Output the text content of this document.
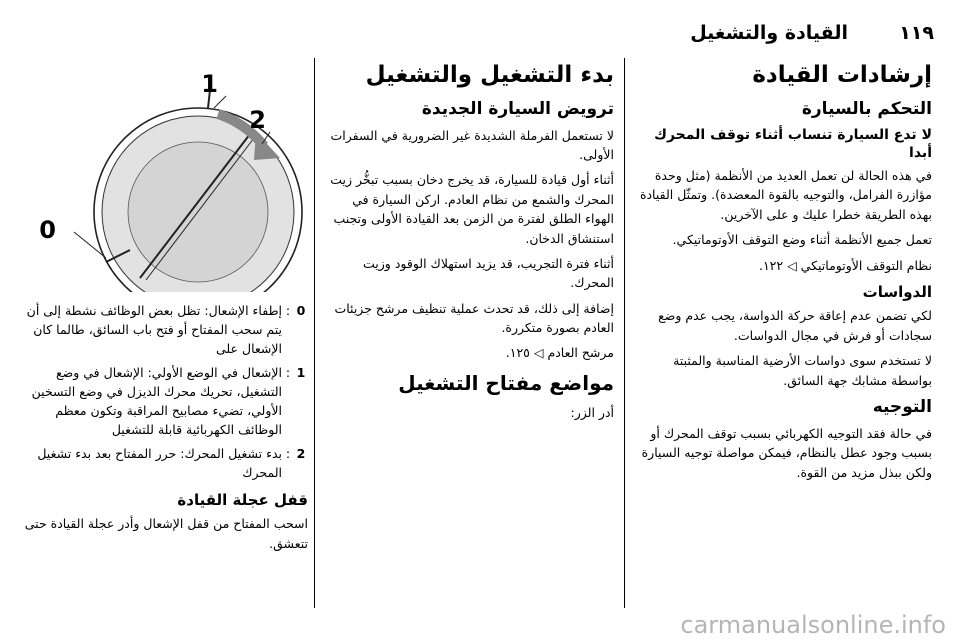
١١٩
القيادة والتشغيل
إرشادات القيادة
التحكم بالسيارة
لا تدع السيارة تنساب أثناء توقف المحرك أبدا

في هذه الحالة لن تعمل العديد من الأنظمة (مثل وحدة مؤازرة الفرامل، والتوجيه بالقوة المعضدة). وتمثّل القيادة بهذه الطريقة خطرا عليك و على الآخرين.

تعمل جميع الأنظمة أثناء وضع التوقف الأوتوماتيكي.

نظام التوقف الأوتوماتيكي ◁ ١٢٢.

الدواسات

لكي تضمن عدم إعاقة حركة الدواسة، يجب عدم وضع سجادات أو فرش في مجال الدواسات.

لا تستخدم سوى دواسات الأرضية المناسبة والمثبتة بواسطة مشابك جهة السائق.

التوجيه

في حالة فقد التوجيه الكهربائي بسبب توقف المحرك أو بسبب وجود عطل بالنظام، فيمكن مواصلة توجيه السيارة ولكن ببذل مزيد من القوة.

بدء التشغيل والتشغيل
ترويض السيارة الجديدة

لا تستعمل الفرملة الشديدة غير الضرورية في السفرات الأولى.

أثناء أول قيادة للسيارة، قد يخرج دخان بسبب تبخُّر زيت المحرك والشمع من نظام العادم. اركن السيارة في الهواء الطلق لفترة من الزمن بعد القيادة الأولى وتجنب استنشاق الدخان.

أثناء فترة التجريب، قد يزيد استهلاك الوقود وزيت المحرك.

إضافة إلى ذلك، قد تحدث عملية تنظيف مرشح جزيئات العادم بصورة متكررة.

مرشح العادم ◁ ١٢٥.

مواضع مفتاح التشغيل

أدر الزر:

1
2
0
0
:
إطفاء الإشعال: تظل بعض الوظائف نشطة إلى أن يتم سحب المفتاح أو فتح باب السائق، طالما كان الإشعال على
1
:
الإشعال في الوضع الأولي: الإشعال في وضع التشغيل، تحريك محرك الديزل في وضع التسخين الأولي، تضيء مصابيح المراقبة وتكون معظم الوظائف الكهربائية قابلة للتشغيل
2
:
بدء تشغيل المحرك: حرر المفتاح بعد بدء تشغيل المحرك
قفل عجلة القيادة

اسحب المفتاح من قفل الإشعال وأدر عجلة القيادة حتى تتعشق.

carmanualsonline.info
